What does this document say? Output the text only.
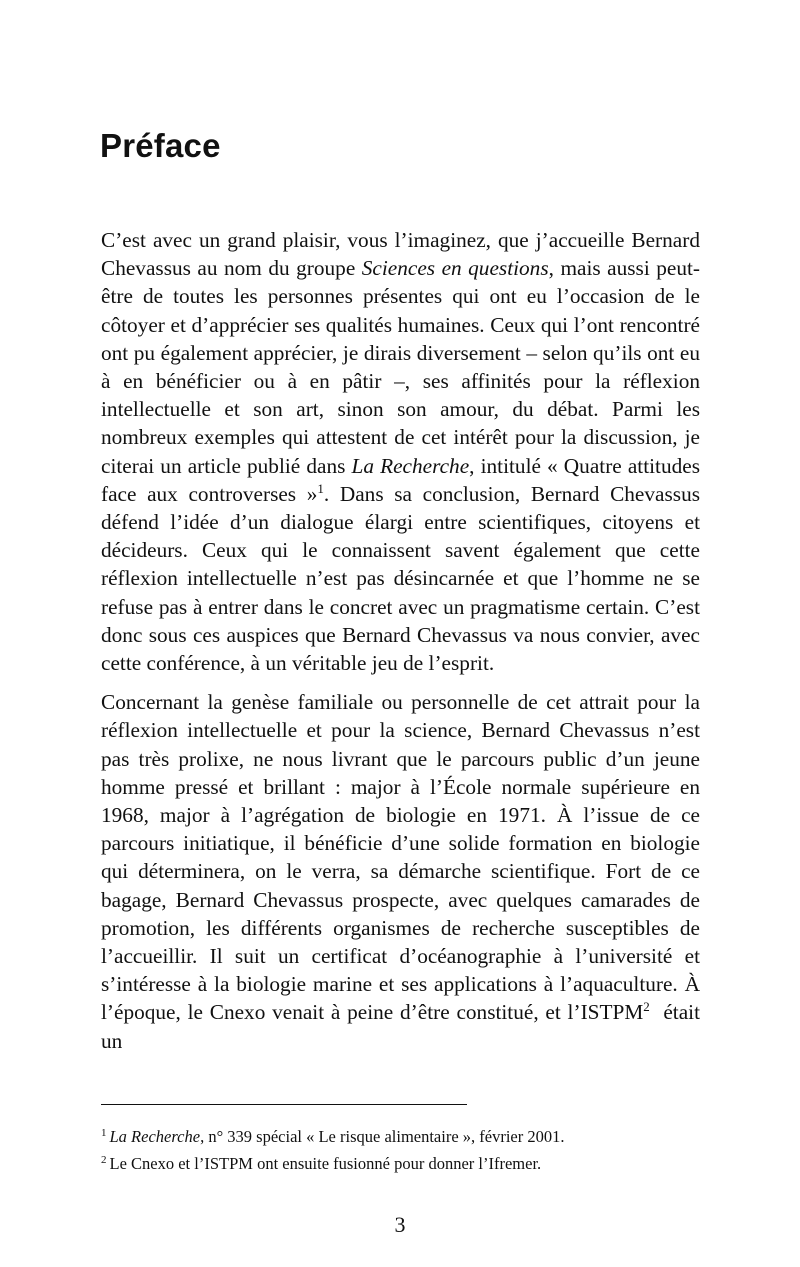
Préface

C’est avec un grand plaisir, vous l’imaginez, que j’accueille Bernard Chevassus au nom du groupe Sciences en questions, mais aussi peut-être de toutes les personnes présentes qui ont eu l’occasion de le côtoyer et d’apprécier ses qualités humaines. Ceux qui l’ont rencontré ont pu également apprécier, je dirais diversement – selon qu’ils ont eu à en bénéficier ou à en pâtir –, ses affinités pour la réflexion intellectuelle et son art, sinon son amour, du débat. Parmi les nombreux exemples qui attestent de cet intérêt pour la discussion, je citerai un article publié dans La Recherche, intitulé « Quatre attitudes face aux controverses »$^1$. Dans sa conclusion, Bernard Chevassus défend l’idée d’un dialogue élargi entre scientifiques, citoyens et décideurs. Ceux qui le connaissent savent également que cette réflexion intellectuelle n’est pas désincarnée et que l’homme ne se refuse pas à entrer dans le concret avec un pragmatisme certain. C’est donc sous ces auspices que Bernard Chevassus va nous convier, avec cette conférence, à un véritable jeu de l’esprit.

Concernant la genèse familiale ou personnelle de cet attrait pour la réflexion intellectuelle et pour la science, Bernard Chevassus n’est pas très prolixe, ne nous livrant que le parcours public d’un jeune homme pressé et brillant : major à l’École normale supérieure en 1968, major à l’agrégation de biologie en 1971. À l’issue de ce parcours initiatique, il bénéficie d’une solide formation en biologie qui déterminera, on le verra, sa démarche scientifique. Fort de ce bagage, Bernard Chevassus prospecte, avec quelques camarades de promotion, les différents organismes de recherche susceptibles de l’accueillir. Il suit un certificat d’océanographie à l’université et s’intéresse à la biologie marine et ses applications à l’aquaculture. À l’époque, le Cnexo venait à peine d’être constitué, et l’ISTPM$^2$  était un

$^1$ La Recherche, n° 339 spécial « Le risque alimentaire », février 2001.

$^2$ Le Cnexo et l’ISTPM ont ensuite fusionné pour donner l’Ifremer.

3
